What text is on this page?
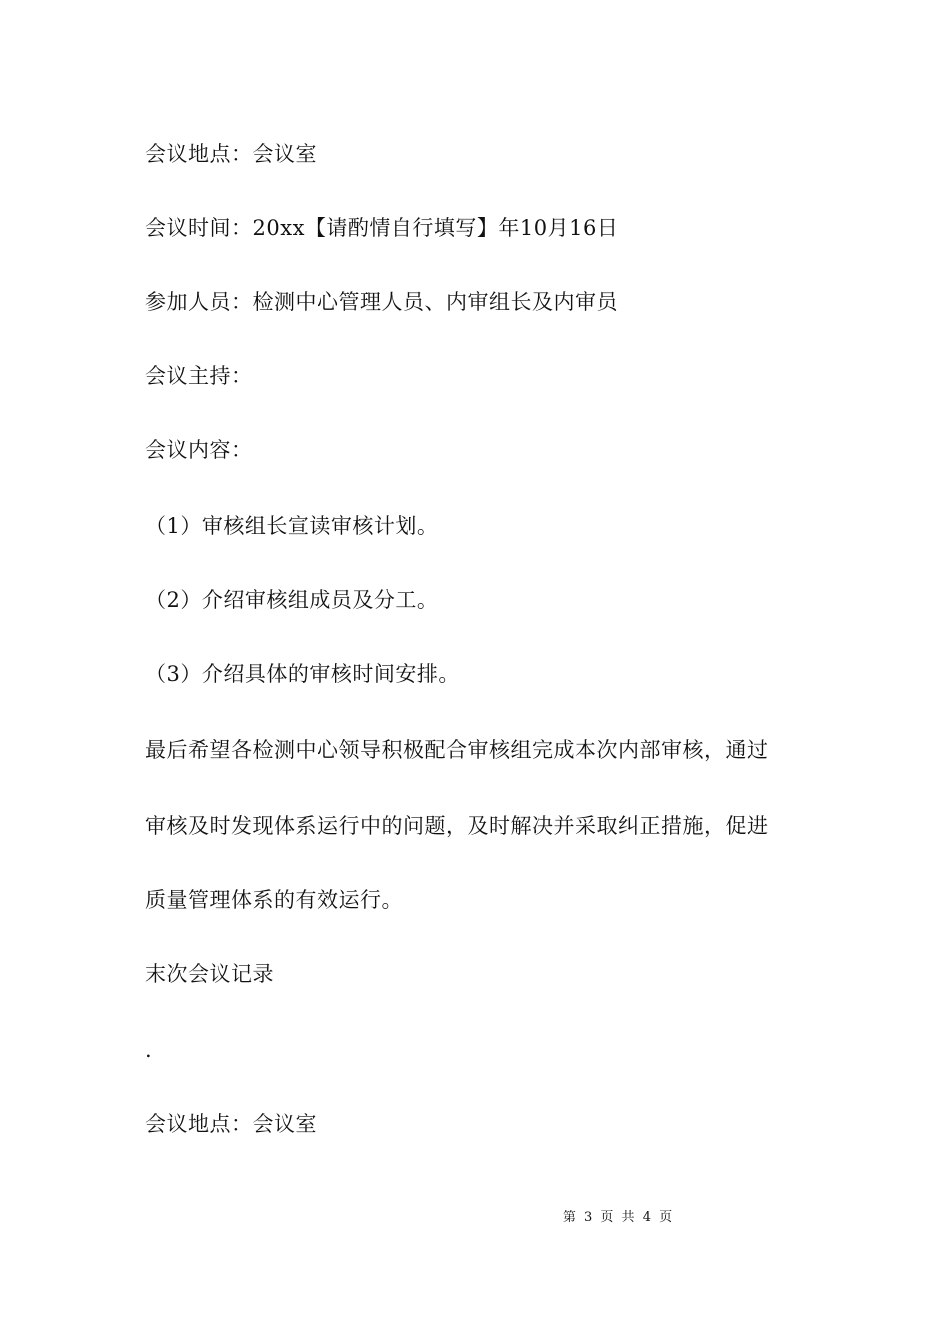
会议地点：会议室
会议时间：20xx【请酌情自行填写】年10月16日
参加人员：检测中心管理人员、内审组长及内审员
会议主持：
会议内容：
（1）审核组长宣读审核计划。
（2）介绍审核组成员及分工。
（3）介绍具体的审核时间安排。
最后希望各检测中心领导积极配合审核组完成本次内部审核，通过
审核及时发现体系运行中的问题，及时解决并采取纠正措施，促进
质量管理体系的有效运行。
末次会议记录
.
会议地点：会议室
第 3 页 共 4 页
